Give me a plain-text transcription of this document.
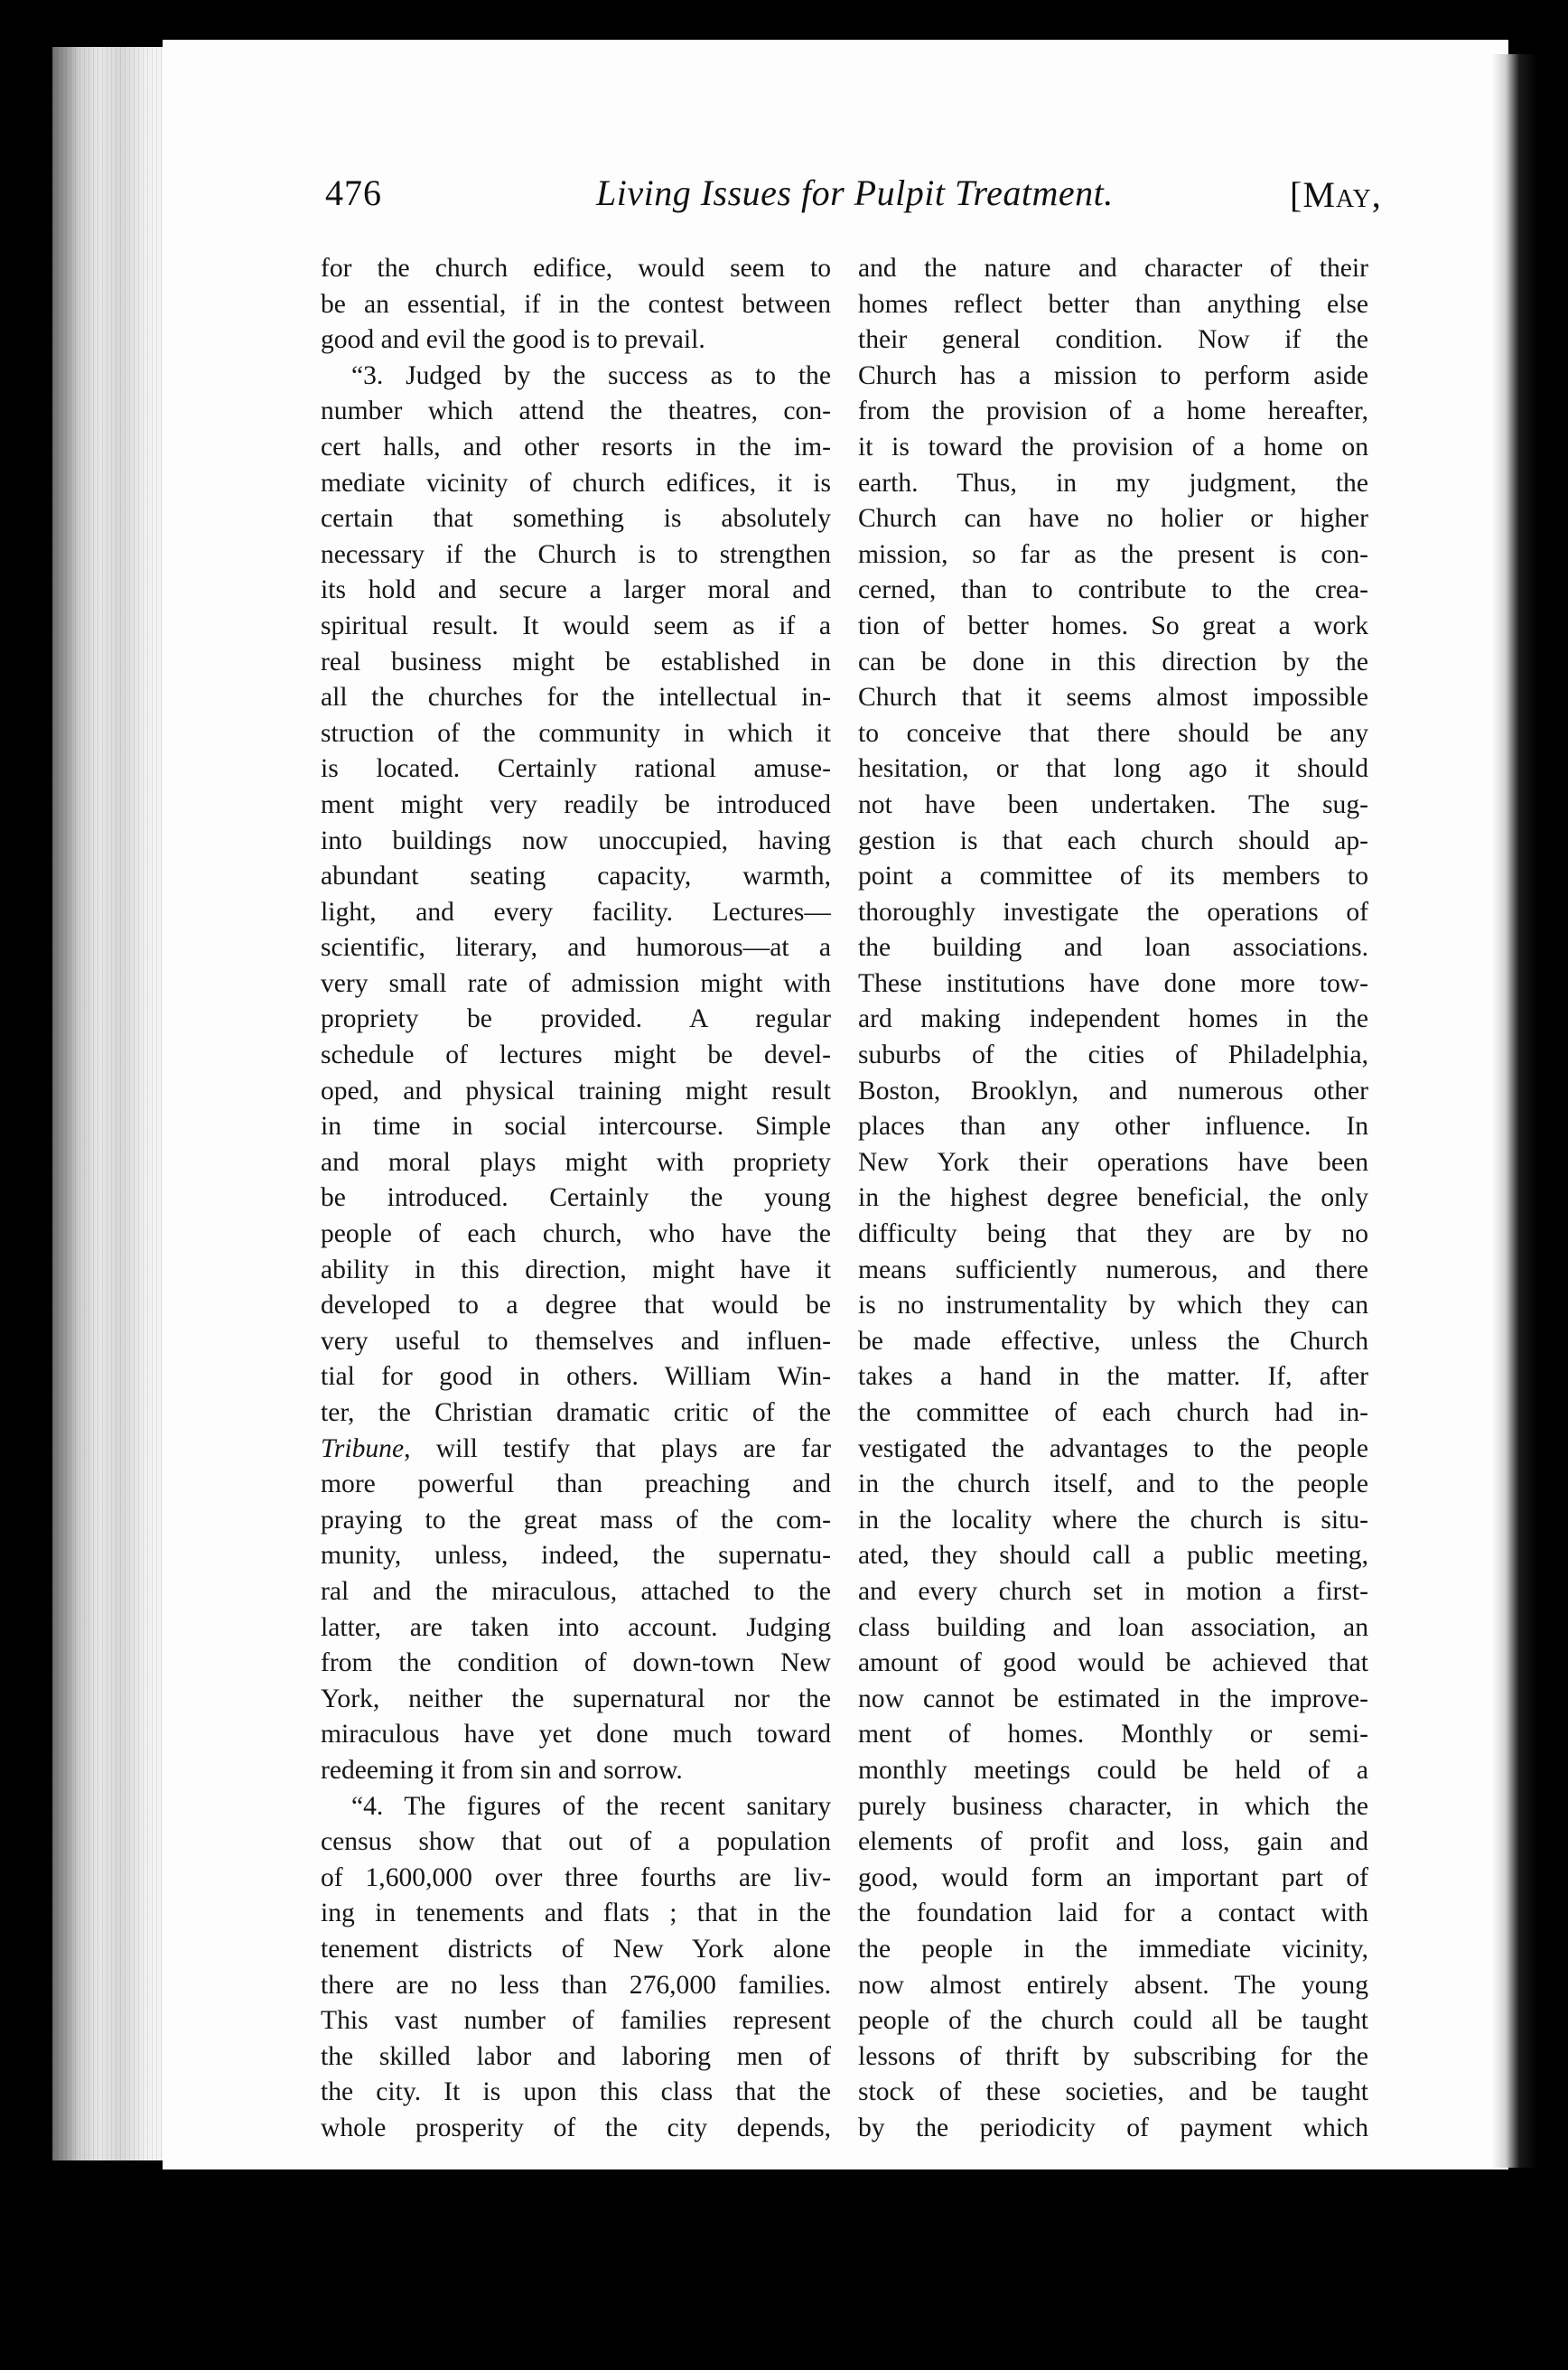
476	Living Issues for Pulpit Treatment.	[May,
for the church edifice, would seem to
be an essential, if in the contest between
good and evil the good is to prevail.
“3. Judged by the success as to the
number which attend the theatres, con-
cert halls, and other resorts in the im-
mediate vicinity of church edifices, it is
certain that something is absolutely
necessary if the Church is to strengthen
its hold and secure a larger moral and
spiritual result. It would seem as if a
real business might be established in
all the churches for the intellectual in-
struction of the community in which it
is located. Certainly rational amuse-
ment might very readily be introduced
into buildings now unoccupied, having
abundant seating capacity, warmth,
light, and every facility. Lectures—
scientific, literary, and humorous—at a
very small rate of admission might with
propriety be provided. A regular
schedule of lectures might be devel-
oped, and physical training might result
in time in social intercourse. Simple
and moral plays might with propriety
be introduced. Certainly the young
people of each church, who have the
ability in this direction, might have it
developed to a degree that would be
very useful to themselves and influen-
tial for good in others. William Win-
ter, the Christian dramatic critic of the
Tribune, will testify that plays are far
more powerful than preaching and
praying to the great mass of the com-
munity, unless, indeed, the supernatu-
ral and the miraculous, attached to the
latter, are taken into account. Judging
from the condition of down-town New
York, neither the supernatural nor the
miraculous have yet done much toward
redeeming it from sin and sorrow.
“4. The figures of the recent sanitary
census show that out of a population
of 1,600,000 over three fourths are liv-
ing in tenements and flats ; that in the
tenement districts of New York alone
there are no less than 276,000 families.
This vast number of families represent
the skilled labor and laboring men of
the city. It is upon this class that the
whole prosperity of the city depends,
and the nature and character of their
homes reflect better than anything else
their general condition. Now if the
Church has a mission to perform aside
from the provision of a home hereafter,
it is toward the provision of a home on
earth. Thus, in my judgment, the
Church can have no holier or higher
mission, so far as the present is con-
cerned, than to contribute to the crea-
tion of better homes. So great a work
can be done in this direction by the
Church that it seems almost impossible
to conceive that there should be any
hesitation, or that long ago it should
not have been undertaken. The sug-
gestion is that each church should ap-
point a committee of its members to
thoroughly investigate the operations of
the building and loan associations.
These institutions have done more tow-
ard making independent homes in the
suburbs of the cities of Philadelphia,
Boston, Brooklyn, and numerous other
places than any other influence. In
New York their operations have been
in the highest degree beneficial, the only
difficulty being that they are by no
means sufficiently numerous, and there
is no instrumentality by which they can
be made effective, unless the Church
takes a hand in the matter. If, after
the committee of each church had in-
vestigated the advantages to the people
in the church itself, and to the people
in the locality where the church is situ-
ated, they should call a public meeting,
and every church set in motion a first-
class building and loan association, an
amount of good would be achieved that
now cannot be estimated in the improve-
ment of homes. Monthly or semi-
monthly meetings could be held of a
purely business character, in which the
elements of profit and loss, gain and
good, would form an important part of
the foundation laid for a contact with
the people in the immediate vicinity,
now almost entirely absent. The young
people of the church could all be taught
lessons of thrift by subscribing for the
stock of these societies, and be taught
by the periodicity of payment which
